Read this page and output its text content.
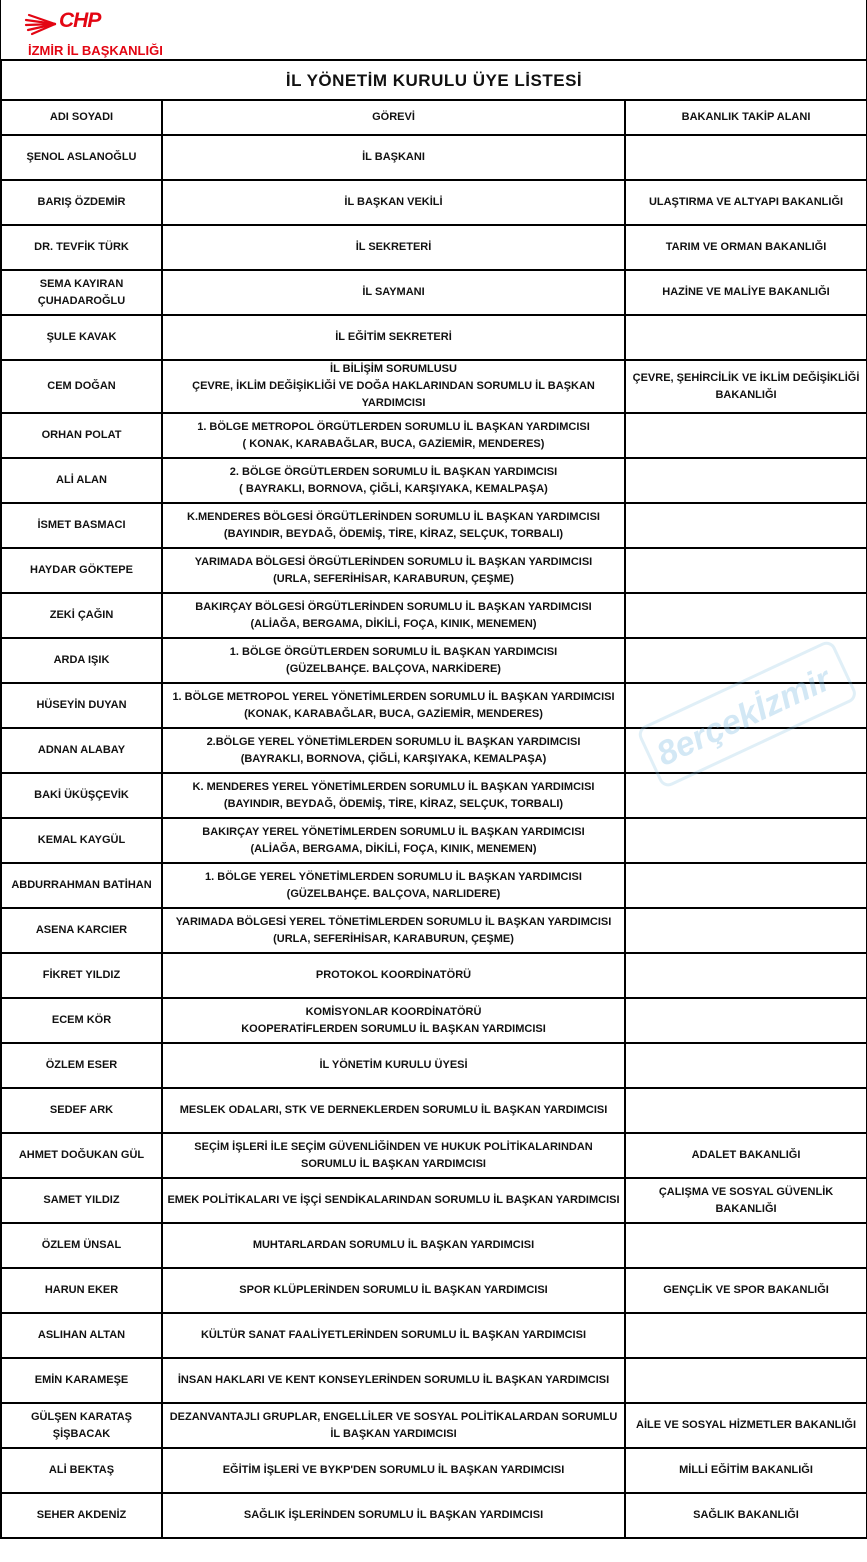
CHP
İZMİR İL BAŞKANLIĞI
İL YÖNETİM KURULU ÜYE LİSTESİ		
ADI SOYADI	GÖREVİ	BAKANLIK TAKİP ALANI
ŞENOL ASLANOĞLU	İL BAŞKANI	
BARIŞ ÖZDEMİR	İL BAŞKAN VEKİLİ	ULAŞTIRMA VE ALTYAPI BAKANLIĞI
DR. TEVFİK TÜRK	İL SEKRETERİ	TARIM VE ORMAN BAKANLIĞI
SEMA KAYIRAN
ÇUHADAROĞLU	İL SAYMANI	HAZİNE VE MALİYE BAKANLIĞI
ŞULE KAVAK	İL EĞİTİM SEKRETERİ	
CEM DOĞAN	İL BİLİŞİM SORUMLUSU
ÇEVRE, İKLİM DEĞİŞİKLİĞİ VE DOĞA HAKLARINDAN SORUMLU İL BAŞKAN YARDIMCISI	ÇEVRE, ŞEHİRCİLİK VE İKLİM DEĞİŞİKLİĞİ BAKANLIĞI
ORHAN POLAT	1. BÖLGE METROPOL ÖRGÜTLERDEN SORUMLU İL BAŞKAN YARDIMCISI
( KONAK, KARABAĞLAR, BUCA, GAZİEMİR, MENDERES)	
ALİ ALAN	2. BÖLGE ÖRGÜTLERDEN SORUMLU İL BAŞKAN YARDIMCISI
( BAYRAKLI, BORNOVA, ÇİĞLİ, KARŞIYAKA, KEMALPAŞA)	
İSMET BASMACI	K.MENDERES BÖLGESİ ÖRGÜTLERİNDEN SORUMLU İL BAŞKAN YARDIMCISI
(BAYINDIR, BEYDAĞ, ÖDEMİŞ, TİRE, KİRAZ, SELÇUK, TORBALI)	
HAYDAR GÖKTEPE	YARIMADA BÖLGESİ ÖRGÜTLERİNDEN SORUMLU İL BAŞKAN YARDIMCISI
(URLA, SEFERİHİSAR, KARABURUN, ÇEŞME)	
ZEKİ ÇAĞIN	BAKIRÇAY BÖLGESİ ÖRGÜTLERİNDEN SORUMLU İL BAŞKAN YARDIMCISI
(ALİAĞA, BERGAMA, DİKİLİ, FOÇA, KINIK, MENEMEN)	
ARDA IŞIK	1. BÖLGE ÖRGÜTLERDEN SORUMLU İL BAŞKAN YARDIMCISI
(GÜZELBAHÇE. BALÇOVA, NARKİDERE)	
HÜSEYİN DUYAN	1. BÖLGE METROPOL YEREL YÖNETİMLERDEN SORUMLU İL BAŞKAN YARDIMCISI
(KONAK, KARABAĞLAR, BUCA, GAZİEMİR, MENDERES)	
ADNAN ALABAY	2.BÖLGE YEREL YÖNETİMLERDEN SORUMLU İL BAŞKAN YARDIMCISI
(BAYRAKLI, BORNOVA, ÇİĞLİ, KARŞIYAKA, KEMALPAŞA)	
BAKİ ÜKÜŞÇEVİK	K. MENDERES YEREL YÖNETİMLERDEN SORUMLU İL BAŞKAN YARDIMCISI
(BAYINDIR, BEYDAĞ, ÖDEMİŞ, TİRE, KİRAZ, SELÇUK, TORBALI)	
KEMAL KAYGÜL	BAKIRÇAY YEREL YÖNETİMLERDEN SORUMLU İL BAŞKAN YARDIMCISI
(ALİAĞA, BERGAMA, DİKİLİ, FOÇA, KINIK, MENEMEN)	
ABDURRAHMAN BATİHAN	1. BÖLGE YEREL YÖNETİMLERDEN SORUMLU İL BAŞKAN YARDIMCISI
(GÜZELBAHÇE. BALÇOVA, NARLIDERE)	
ASENA KARCIER	YARIMADA BÖLGESİ YEREL TÖNETİMLERDEN SORUMLU İL BAŞKAN YARDIMCISI
(URLA, SEFERİHİSAR, KARABURUN, ÇEŞME)	
FİKRET YILDIZ	PROTOKOL KOORDİNATÖRÜ	
ECEM KÖR	KOMİSYONLAR KOORDİNATÖRÜ
KOOPERATİFLERDEN SORUMLU İL BAŞKAN YARDIMCISI	
ÖZLEM ESER	İL YÖNETİM KURULU ÜYESİ	
SEDEF ARK	MESLEK ODALARI, STK VE DERNEKLERDEN SORUMLU İL BAŞKAN YARDIMCISI	
AHMET DOĞUKAN GÜL	SEÇİM İŞLERİ İLE SEÇİM GÜVENLİĞİNDEN VE HUKUK POLİTİKALARINDAN SORUMLU İL BAŞKAN YARDIMCISI	ADALET BAKANLIĞI
SAMET YILDIZ	EMEK POLİTİKALARI VE İŞÇİ SENDİKALARINDAN SORUMLU İL BAŞKAN YARDIMCISI	ÇALIŞMA VE SOSYAL GÜVENLİK BAKANLIĞI
ÖZLEM ÜNSAL	MUHTARLARDAN SORUMLU İL BAŞKAN YARDIMCISI	
HARUN EKER	SPOR KLÜPLERİNDEN SORUMLU İL BAŞKAN YARDIMCISI	GENÇLİK VE SPOR BAKANLIĞI
ASLIHAN ALTAN	KÜLTÜR SANAT FAALİYETLERİNDEN SORUMLU İL BAŞKAN YARDIMCISI	
EMİN KARAMEŞE	İNSAN HAKLARI VE KENT KONSEYLERİNDEN SORUMLU İL BAŞKAN YARDIMCISI	
GÜLŞEN KARATAŞ ŞİŞBACAK	DEZANVANTAJLI GRUPLAR, ENGELLİLER VE SOSYAL POLİTİKALARDAN SORUMLU İL BAŞKAN YARDIMCISI	AİLE VE SOSYAL HİZMETLER BAKANLIĞI
ALİ BEKTAŞ	EĞİTİM İŞLERİ VE BYKP'DEN SORUMLU İL BAŞKAN YARDIMCISI	MİLLİ EĞİTİM BAKANLIĞI
SEHER AKDENİZ	SAĞLIK İŞLERİNDEN SORUMLU İL BAŞKAN YARDIMCISI	SAĞLIK BAKANLIĞI
8erçekİzmir
